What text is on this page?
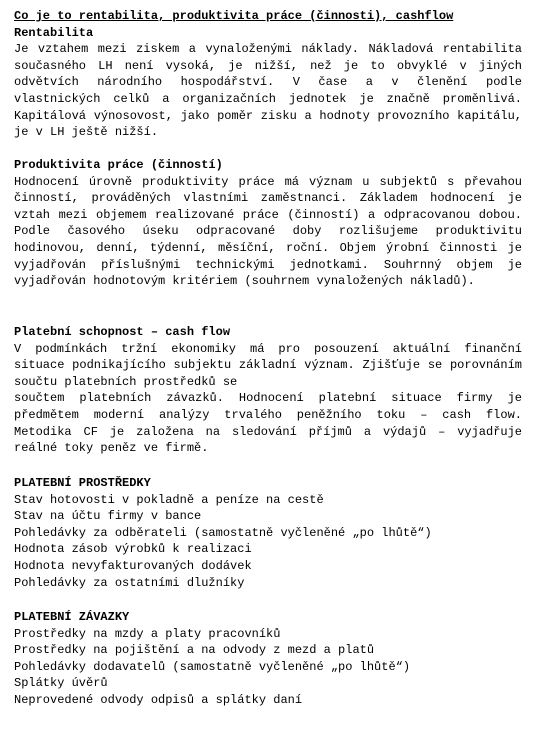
Co je to rentabilita, produktivita práce (činnosti), cashflow
Rentabilita

Je vztahem mezi ziskem a vynaloženými náklady. Nákladová rentabilita současného LH není vysoká, je nižší, než je to obvyklé v jiných odvětvích národního hospodářství. V čase a v členění podle vlastnických celků a organizačních jednotek je značně proměnlivá. Kapitálová výnosovost, jako poměr zisku a hodnoty provozního kapitálu, je v LH ještě nižší.

Produktivita práce (činností)

Hodnocení úrovně produktivity práce má význam u subjektů s převahou činností, prováděných vlastními zaměstnanci. Základem hodnocení je vztah mezi objemem realizované práce (činností) a odpracovanou dobou. Podle časového úseku odpracované doby rozlišujeme produktivitu hodinovou, denní, týdenní, měsíční, roční. Objem ýrobní činnosti je vyjadřován příslušnými technickými jednotkami. Souhrnný objem je vyjadřován hodnotovým kritériem (souhrnem vynaložených nákladů).

Platební schopnost – cash flow

V podmínkách tržní ekonomiky má pro posouzení aktuální finanční situace podnikajícího subjektu základní význam. Zjišťuje se porovnáním součtu platebních prostředků se

součtem platebních závazků. Hodnocení platební situace firmy je předmětem moderní analýzy trvalého peněžního toku – cash flow. Metodika CF je založena na sledování příjmů a výdajů – vyjadřuje reálné toky peněz ve firmě.

PLATEBNÍ PROSTŘEDKY
Stav hotovosti v pokladně a peníze na cestě
Stav na účtu firmy v bance
Pohledávky za odběrateli (samostatně vyčleněné „po lhůtě“)
Hodnota zásob výrobků k realizaci
Hodnota nevyfakturovaných dodávek
Pohledávky za ostatními dlužníky
PLATEBNÍ ZÁVAZKY
Prostředky na mzdy a platy pracovníků
Prostředky na pojištění a na odvody z mezd a platů
Pohledávky dodavatelů (samostatně vyčleněné „po lhůtě“)
Splátky úvěrů
Neprovedené odvody odpisů a splátky daní
